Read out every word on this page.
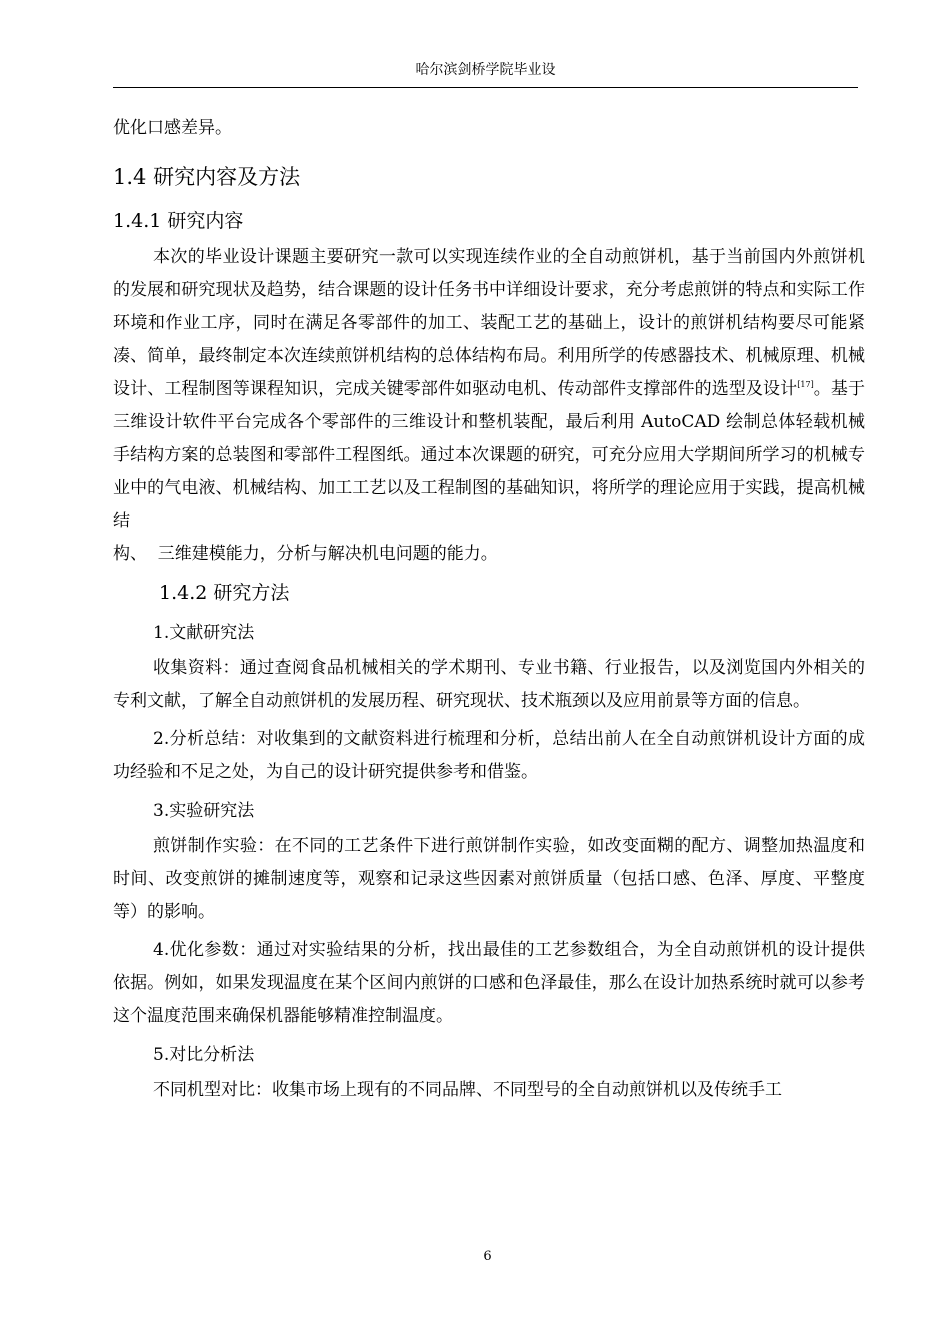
哈尔滨剑桥学院毕业设

优化口感差异。

1.4 研究内容及方法
1.4.1 研究内容

本次的毕业设计课题主要研究一款可以实现连续作业的全自动煎饼机，基于当前国内外煎饼机的发展和研究现状及趋势，结合课题的设计任务书中详细设计要求，充分考虑煎饼的特点和实际工作环境和作业工序，同时在满足各零部件的加工、装配工艺的基础上，设计的煎饼机结构要尽可能紧凑、简单，最终制定本次连续煎饼机结构的总体结构布局。利用所学的传感器技术、机械原理、机械设计、工程制图等课程知识，完成关键零部件如驱动电机、传动部件支撑部件的选型及设计[17]。基于三维设计软件平台完成各个零部件的三维设计和整机装配，最后利用 AutoCAD 绘制总体轻载机械手结构方案的总装图和零部件工程图纸。通过本次课题的研究，可充分应用大学期间所学习的机械专业中的气电液、机械结构、加工工艺以及工程制图的基础知识，将所学的理论应用于实践，提高机械结

构、  三维建模能力，分析与解决机电问题的能力。

1.4.2 研究方法
1.文献研究法

收集资料：通过查阅食品机械相关的学术期刊、专业书籍、行业报告，以及浏览国内外相关的专利文献，了解全自动煎饼机的发展历程、研究现状、技术瓶颈以及应用前景等方面的信息。

2.分析总结：对收集到的文献资料进行梳理和分析，总结出前人在全自动煎饼机设计方面的成功经验和不足之处，为自己的设计研究提供参考和借鉴。

3.实验研究法

煎饼制作实验：在不同的工艺条件下进行煎饼制作实验，如改变面糊的配方、调整加热温度和时间、改变煎饼的摊制速度等，观察和记录这些因素对煎饼质量（包括口感、色泽、厚度、平整度等）的影响。

4.优化参数：通过对实验结果的分析，找出最佳的工艺参数组合，为全自动煎饼机的设计提供依据。例如，如果发现温度在某个区间内煎饼的口感和色泽最佳，那么在设计加热系统时就可以参考这个温度范围来确保机器能够精准控制温度。

5.对比分析法

不同机型对比：收集市场上现有的不同品牌、不同型号的全自动煎饼机以及传统手工

6
